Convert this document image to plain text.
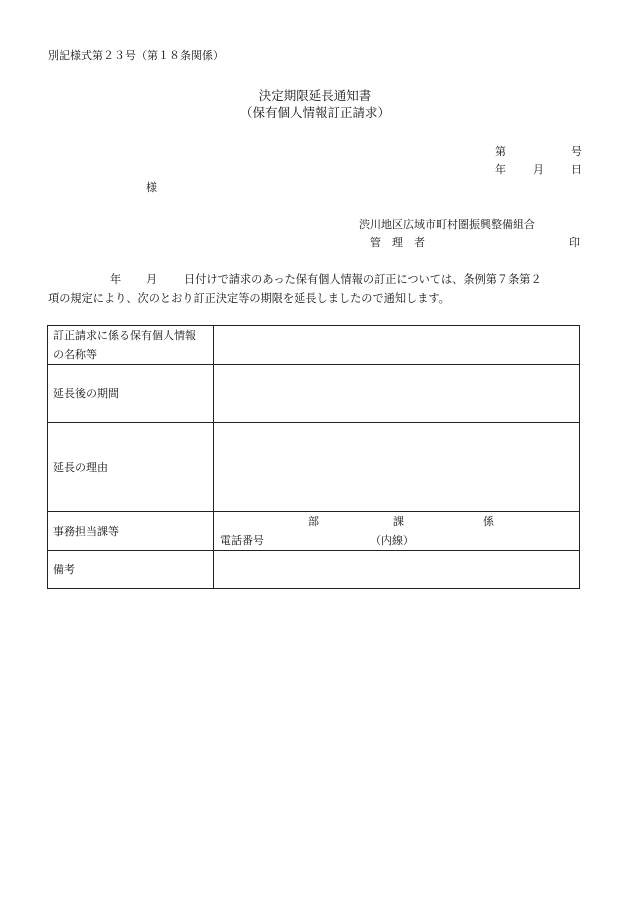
別記様式第２３号（第１８条関係）
決定期限延長通知書
（保有個人情報訂正請求）
第	号
年 月 日
様
渋川地区広域市町村圏振興整備組合
管　理　者	印
年 月 日付けで請求のあった保有個人情報の訂正については、条例第７条第２
項の規定により、次のとおり訂正決定等の期限を延長しましたので通知します。
訂正請求に係る保有個人情報
の名称等	

延長後の期間	
延長の理由	
事務担当課等	部 課 係
電話番号 （内線）

備考	
